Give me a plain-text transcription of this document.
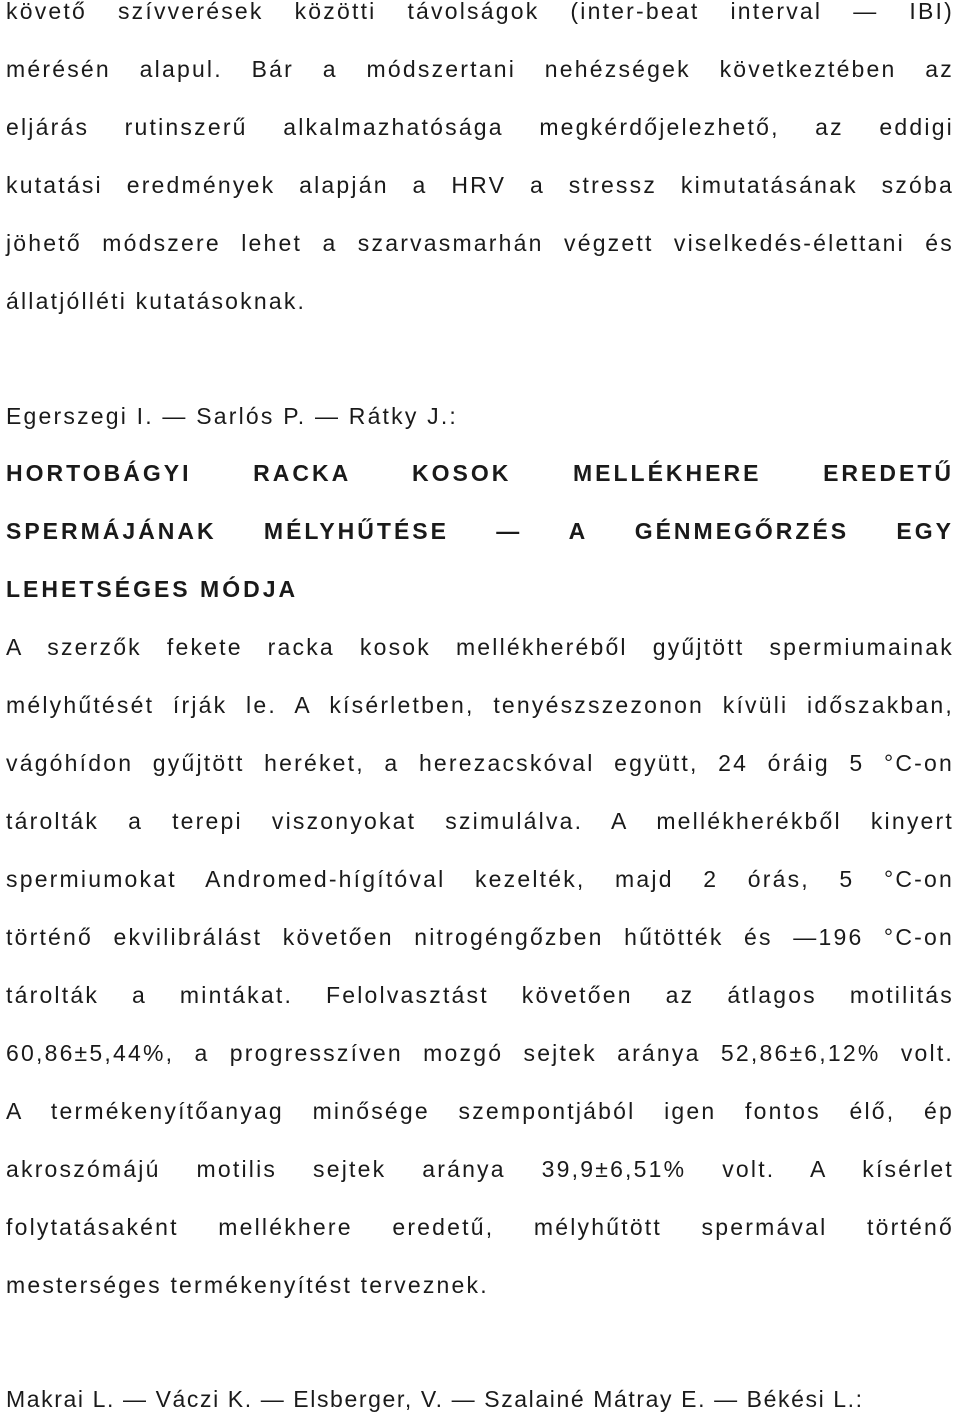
követő szívverések közötti távolságok (inter-beat interval — IBI)
mérésén alapul. Bár a módszertani nehézségek következtében az
eljárás rutinszerű alkalmazhatósága megkérdőjelezhető, az eddigi
kutatási eredmények alapján a HRV a stressz kimutatásának szóba
jöhető módszere lehet a szarvasmarhán végzett viselkedés-élettani és
állatjólléti kutatásoknak.
Egerszegi I. — Sarlós P. — Rátky J.:
HORTOBÁGYI RACKA KOSOK MELLÉKHERE EREDETŰ
SPERMÁJÁNAK MÉLYHŰTÉSE — A GÉNMEGŐRZÉS EGY
LEHETSÉGES MÓDJA
A szerzők fekete racka kosok mellékheréből gyűjtött spermiumainak
mélyhűtését írják le. A kísérletben, tenyészszezonon kívüli időszakban,
vágóhídon gyűjtött heréket, a herezacskóval együtt, 24 óráig 5 °C-on
tárolták a terepi viszonyokat szimulálva. A mellékherékből kinyert
spermiumokat Andromed-hígítóval kezelték, majd 2 órás, 5 °C-on
történő ekvilibrálást követően nitrogéngőzben hűtötték és —196 °C-on
tárolták a mintákat. Felolvasztást követően az átlagos motilitás
60,86±5,44%, a progresszíven mozgó sejtek aránya 52,86±6,12% volt.
A termékenyítőanyag minősége szempontjából igen fontos élő, ép
akroszómájú motilis sejtek aránya 39,9±6,51% volt. A kísérlet
folytatásaként mellékhere eredetű, mélyhűtött spermával történő
mesterséges termékenyítést terveznek.
Makrai L. — Váczi K. — Elsberger, V. — Szalainé Mátray E. — Békési L.:
